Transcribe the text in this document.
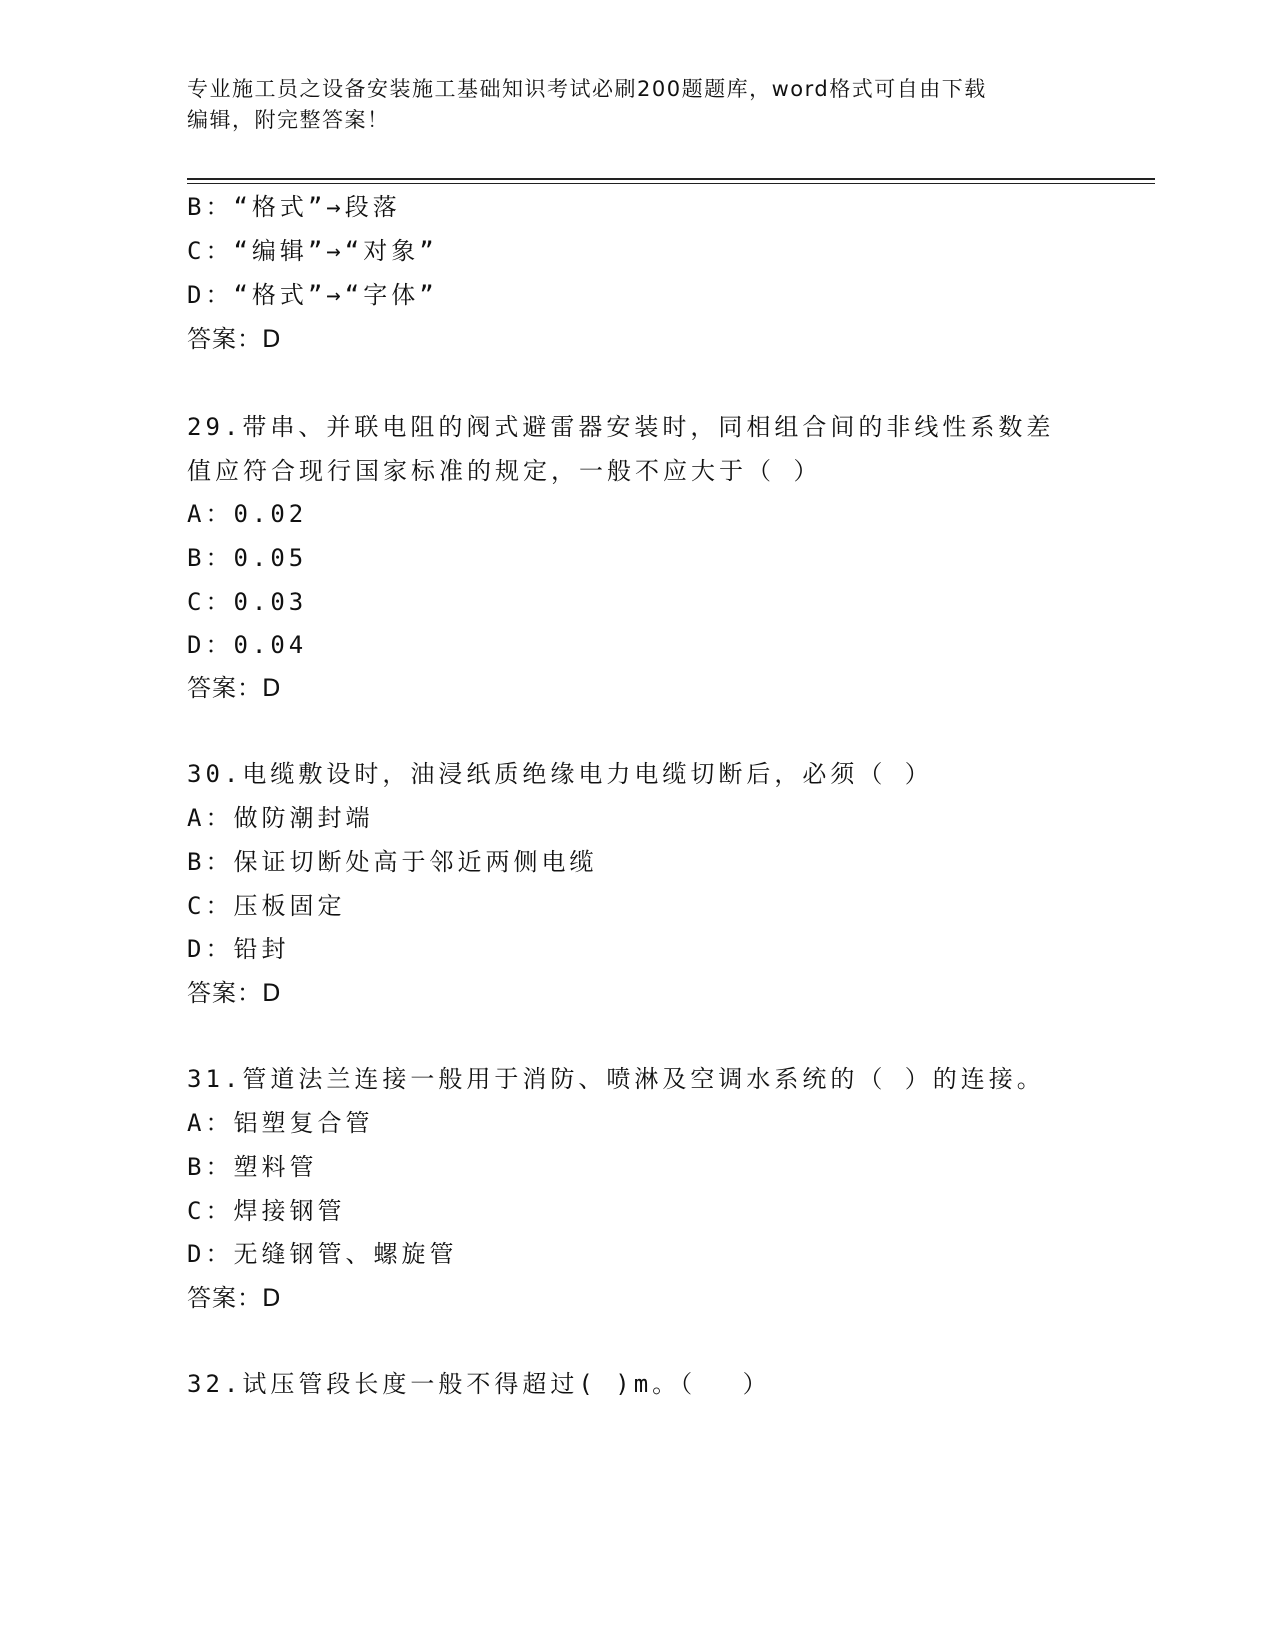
专业施工员之设备安装施工基础知识考试必刷200题题库，word格式可自由下载
编辑，附完整答案！
B：“格式”→段落
C：“编辑”→“对象”
D：“格式”→“字体”
答案：D
29.带串、并联电阻的阀式避雷器安装时，同相组合间的非线性系数差
值应符合现行国家标准的规定，一般不应大于（ ）
A：0.02
B：0.05
C：0.03
D：0.04
答案：D
30.电缆敷设时，油浸纸质绝缘电力电缆切断后，必须（ ）
A：做防潮封端
B：保证切断处高于邻近两侧电缆
C：压板固定
D：铅封
答案：D
31.管道法兰连接一般用于消防、喷淋及空调水系统的（ ）的连接。
A：铝塑复合管
B：塑料管
C：焊接钢管
D：无缝钢管、螺旋管
答案：D
32.试压管段长度一般不得超过( )m。（　 ）
